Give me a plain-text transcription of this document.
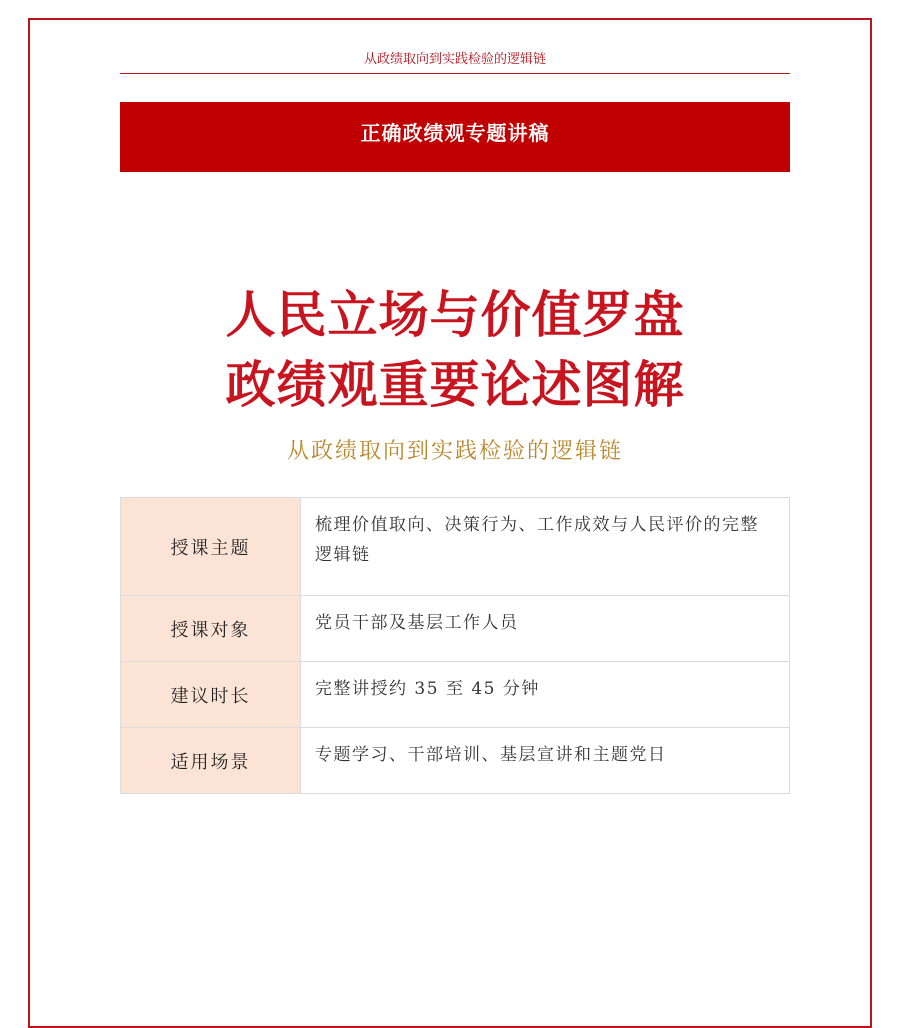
从政绩取向到实践检验的逻辑链
正确政绩观专题讲稿
人民立场与价值罗盘
政绩观重要论述图解
从政绩取向到实践检验的逻辑链
授课主题	梳理价值取向、决策行为、工作成效与人民评价的完整逻辑链
授课对象	党员干部及基层工作人员
建议时长	完整讲授约 35 至 45 分钟
适用场景	专题学习、干部培训、基层宣讲和主题党日
